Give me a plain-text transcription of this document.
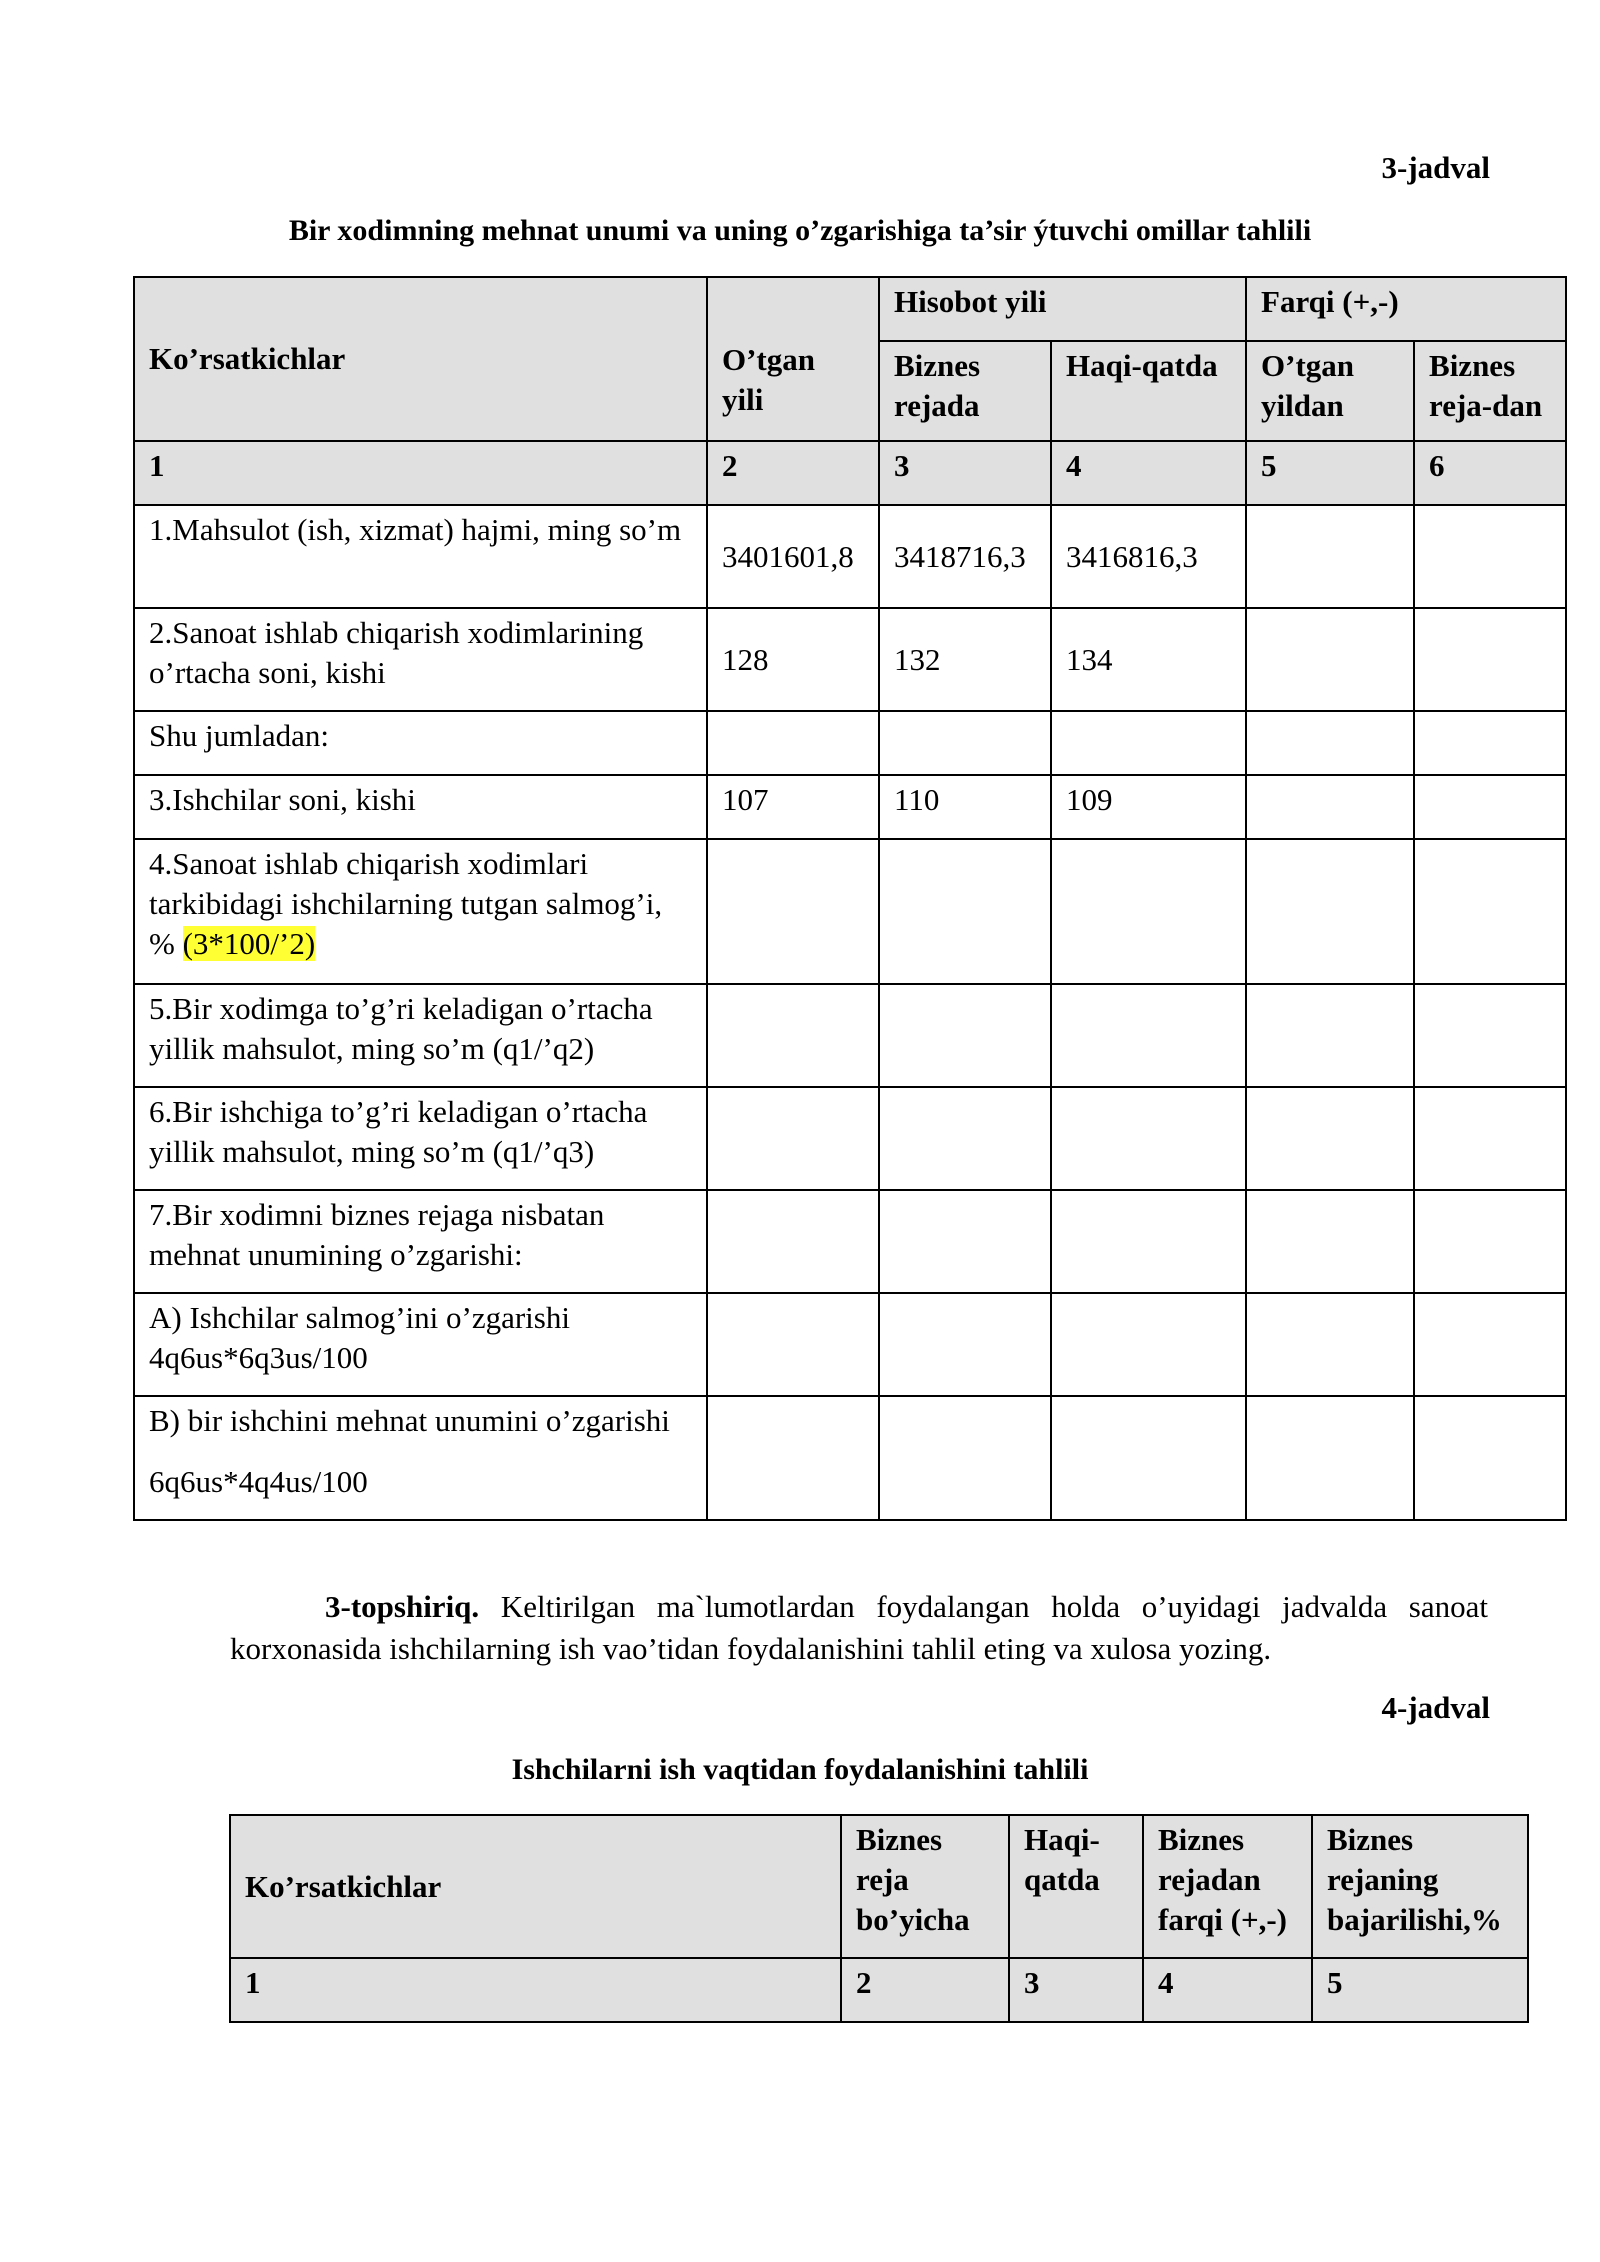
3-jadval
Bir xodimning mehnat unumi va uning o’zgarishiga ta’sir ýtuvchi omillar tahlili
Ko’rsatkichlar	O’tgan yili	Hisobot yili		Farqi (+,-)	
		Biznes rejada	Haqi-qatda	O’tgan yildan	Biznes reja-dan
1	2	3	4	5	6
1.Mahsulot (ish, xizmat) hajmi, ming so’m	3401601,8	3418716,3	3416816,3		
2.Sanoat ishlab chiqarish xodimlarining o’rtacha soni, kishi	128	132	134		
Shu jumladan:					
3.Ishchilar soni, kishi	107	110	109		
4.Sanoat ishlab chiqarish xodimlari tarkibidagi ishchilarning tutgan salmog’i, % (3*100/’2)					
5.Bir xodimga to’g’ri keladigan o’rtacha yillik mahsulot, ming so’m (q1/’q2)					
6.Bir ishchiga to’g’ri keladigan o’rtacha yillik mahsulot, ming so’m (q1/’q3)					
7.Bir xodimni biznes rejaga nisbatan mehnat unumining o’zgarishi:					
A) Ishchilar salmog’ini o’zgarishi 4q6us*6q3us/100					

B) bir ishchini mehnat unumini o’zgarishi
6q6us*4q4us/100					

3-topshiriq. Keltirilgan ma`lumotlardan foydalangan holda o’uyidagi jadvalda sanoat korxonasida ishchilarning ish vao’tidan foydalanishini tahlil eting va xulosa yozing.
4-jadval
Ishchilarni ish vaqtidan foydalanishini tahlili
Ko’rsatkichlar	Biznes reja bo’yicha	Haqi-qatda	Biznes rejadan farqi (+,-)	Biznes rejaning bajarilishi,%
1	2	3	4	5
